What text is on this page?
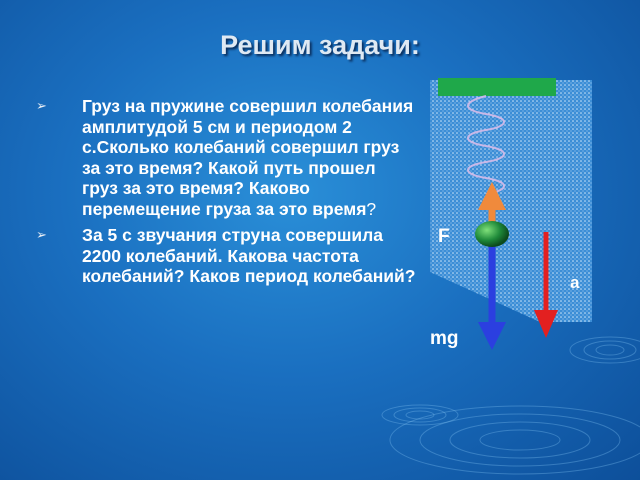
Решим задачи:
➢ Груз на пружине совершил колебания амплитудой 5 см и периодом 2 с.Сколько колебаний совершил груз за это время? Какой путь прошел груз за это время? Каково перемещение груза за это время?
➢ За 5 с звучания струна совершила 2200 колебаний. Какова частота колебаний? Каков период колебаний?
F
mg
a
